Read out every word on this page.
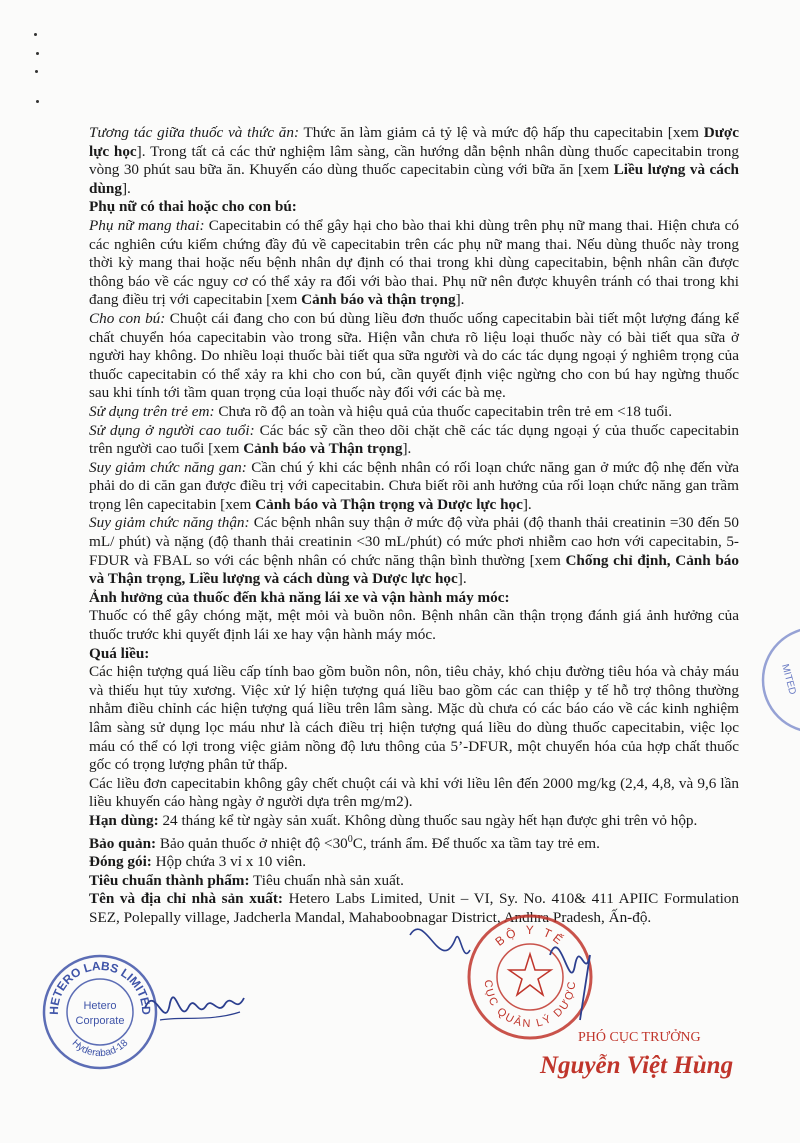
Tương tác giữa thuốc và thức ăn: Thức ăn làm giảm cả tỷ lệ và mức độ hấp thu capecitabin [xem Dược lực học]. Trong tất cả các thử nghiệm lâm sàng, cần hướng dẫn bệnh nhân dùng thuốc capecitabin trong vòng 30 phút sau bữa ăn. Khuyến cáo dùng thuốc capecitabin cùng với bữa ăn [xem Liều lượng và cách dùng].

Phụ nữ có thai hoặc cho con bú:

Phụ nữ mang thai: Capecitabin có thể gây hại cho bào thai khi dùng trên phụ nữ mang thai. Hiện chưa có các nghiên cứu kiểm chứng đầy đủ về capecitabin trên các phụ nữ mang thai. Nếu dùng thuốc này trong thời kỳ mang thai hoặc nếu bệnh nhân dự định có thai trong khi dùng capecitabin, bệnh nhân cần được thông báo về các nguy cơ có thể xảy ra đối với bào thai. Phụ nữ nên được khuyên tránh có thai trong khi đang điều trị với capecitabin [xem Cảnh báo và thận trọng].

Cho con bú: Chuột cái đang cho con bú dùng liều đơn thuốc uống capecitabin bài tiết một lượng đáng kể chất chuyển hóa capecitabin vào trong sữa. Hiện vẫn chưa rõ liệu loại thuốc này có bài tiết qua sữa ở người hay không. Do nhiều loại thuốc bài tiết qua sữa người và do các tác dụng ngoại ý nghiêm trọng của thuốc capecitabin có thể xảy ra khi cho con bú, cần quyết định việc ngừng cho con bú hay ngừng thuốc sau khi tính tới tầm quan trọng của loại thuốc này đối với các bà mẹ.

Sử dụng trên trẻ em: Chưa rõ độ an toàn và hiệu quả của thuốc capecitabin trên trẻ em <18 tuổi.

Sử dụng ở người cao tuổi: Các bác sỹ cần theo dõi chặt chẽ các tác dụng ngoại ý của thuốc capecitabin trên người cao tuổi [xem Cảnh báo và Thận trọng].

Suy giảm chức năng gan: Cần chú ý khi các bệnh nhân có rối loạn chức năng gan ở mức độ nhẹ đến vừa phải do di căn gan được điều trị với capecitabin. Chưa biết rõi anh hưởng của rối loạn chức năng gan trầm trọng lên capecitabin [xem Cảnh báo và Thận trọng và Dược lực học].

Suy giảm chức năng thận: Các bệnh nhân suy thận ở mức độ vừa phải (độ thanh thải creatinin =30 đến 50 mL/ phút) và nặng (độ thanh thải creatinin <30 mL/phút) có mức phơi nhiễm cao hơn với capecitabin, 5-FDUR và FBAL so với các bệnh nhân có chức năng thận bình thường [xem Chống chỉ định, Cảnh báo và Thận trọng, Liều lượng và cách dùng và Dược lực học].

Ảnh hưởng của thuốc đến khả năng lái xe và vận hành máy móc:

Thuốc có thể gây chóng mặt, mệt mỏi và buồn nôn. Bệnh nhân cần thận trọng đánh giá ảnh hưởng của thuốc trước khi quyết định lái xe hay vận hành máy móc.

Quá liều:

Các hiện tượng quá liều cấp tính bao gồm buồn nôn, nôn, tiêu chảy, khó chịu đường tiêu hóa và chảy máu và thiếu hụt tủy xương. Việc xử lý hiện tượng quá liều bao gồm các can thiệp y tế hỗ trợ thông thường nhằm điều chỉnh các hiện tượng quá liều trên lâm sàng. Mặc dù chưa có các báo cáo về các kinh nghiệm lâm sàng sử dụng lọc máu như là cách điều trị hiện tượng quá liều do dùng thuốc capecitabin, việc lọc máu có thể có lợi trong việc giảm nồng độ lưu thông của 5’-DFUR, một chuyển hóa của hợp chất thuốc gốc có trọng lượng phân tử thấp.

Các liều đơn capecitabin không gây chết chuột cái và khỉ với liều lên đến 2000 mg/kg (2,4, 4,8, và 9,6 lần liều khuyến cáo hàng ngày ở người dựa trên mg/m2).

Hạn dùng: 24 tháng kể từ ngày sản xuất. Không dùng thuốc sau ngày hết hạn được ghi trên vỏ hộp.

Bảo quản: Bảo quản thuốc ở nhiệt độ $<30^0C$, tránh ẩm. Để thuốc xa tầm tay trẻ em.

Đóng gói: Hộp chứa 3 vỉ x 10 viên.

Tiêu chuẩn thành phẩm: Tiêu chuẩn nhà sản xuất.

Tên và địa chỉ nhà sản xuất: Hetero Labs Limited, Unit – VI, Sy. No. 410& 411 APIIC Formulation SEZ, Polepally village, Jadcherla Mandal, Mahaboobnagar District, Andhra Pradesh, Ấn-độ.

HETERO LABS LIMITED
Hyderabad-18
Hetero
Corporate
BỘ Y TẾ
CỤC QUẢN LÝ DƯỢC
MITED
PHÓ CỤC TRƯỞNG
Nguyễn Việt Hùng
